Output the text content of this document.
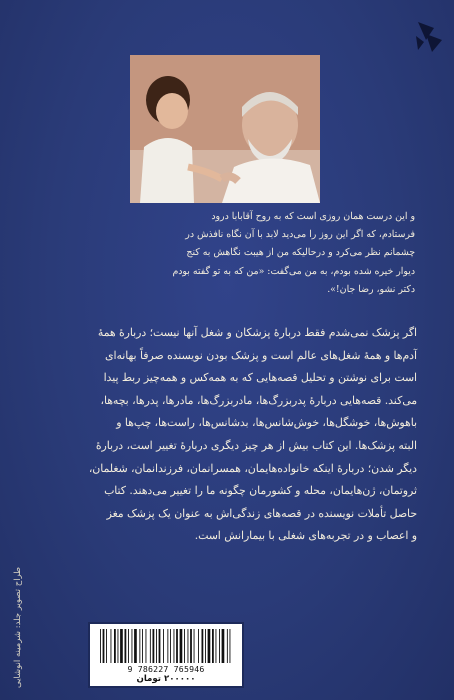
و این درست همان روزی است که به روح آقابابا درود

فرستادم، که اگر این روز را می‌دید لابد با آن نگاه نافذش در

چشمانم نظر می‌کرد و درحالیکه من از هیبت نگاهش به کنج

دیوار خیره شده بودم، به من می‌گفت: «من که به تو گفته بودم

دکتر نشو، رضا جان!».

اگر پزشک نمی‌شدم فقط دربارهٔ پزشکان و شغل آنها نیست؛ دربارهٔ همهٔ

آدم‌ها و همهٔ شغل‌های عالم است و پزشک بودن نویسنده صرفاً بهانه‌ای

است برای نوشتن و تحلیل قصه‌هایی که به همه‌کس و همه‌چیز ربط پیدا

می‌کند. قصه‌هایی دربارهٔ پدربزرگ‌ها، مادربزرگ‌ها، مادرها، پدرها، بچه‌ها،

باهوش‌ها، خوشگل‌ها، خوش‌شانس‌ها، بدشانس‌ها، راست‌ها، چپ‌ها و

البته پزشک‌ها. این کتاب بیش از هر چیز دیگری دربارهٔ تغییر است، دربارهٔ

دیگر شدن؛ دربارهٔ اینکه خانواده‌هایمان، همسرانمان، فرزندانمان، شغلمان،

ثروتمان، ژن‌هایمان، محله و کشورمان چگونه ما را تغییر می‌دهند. کتاب

حاصل تأملات نویسنده در قصه‌های زندگی‌اش به عنوان یک پزشک مغز

و اعصاب و در تجربه‌های شغلی با بیمارانش است.

طراح تصویر جلد: شرمینه انوشایی	9 786227 765946
۲۰۰۰۰۰ تومان
